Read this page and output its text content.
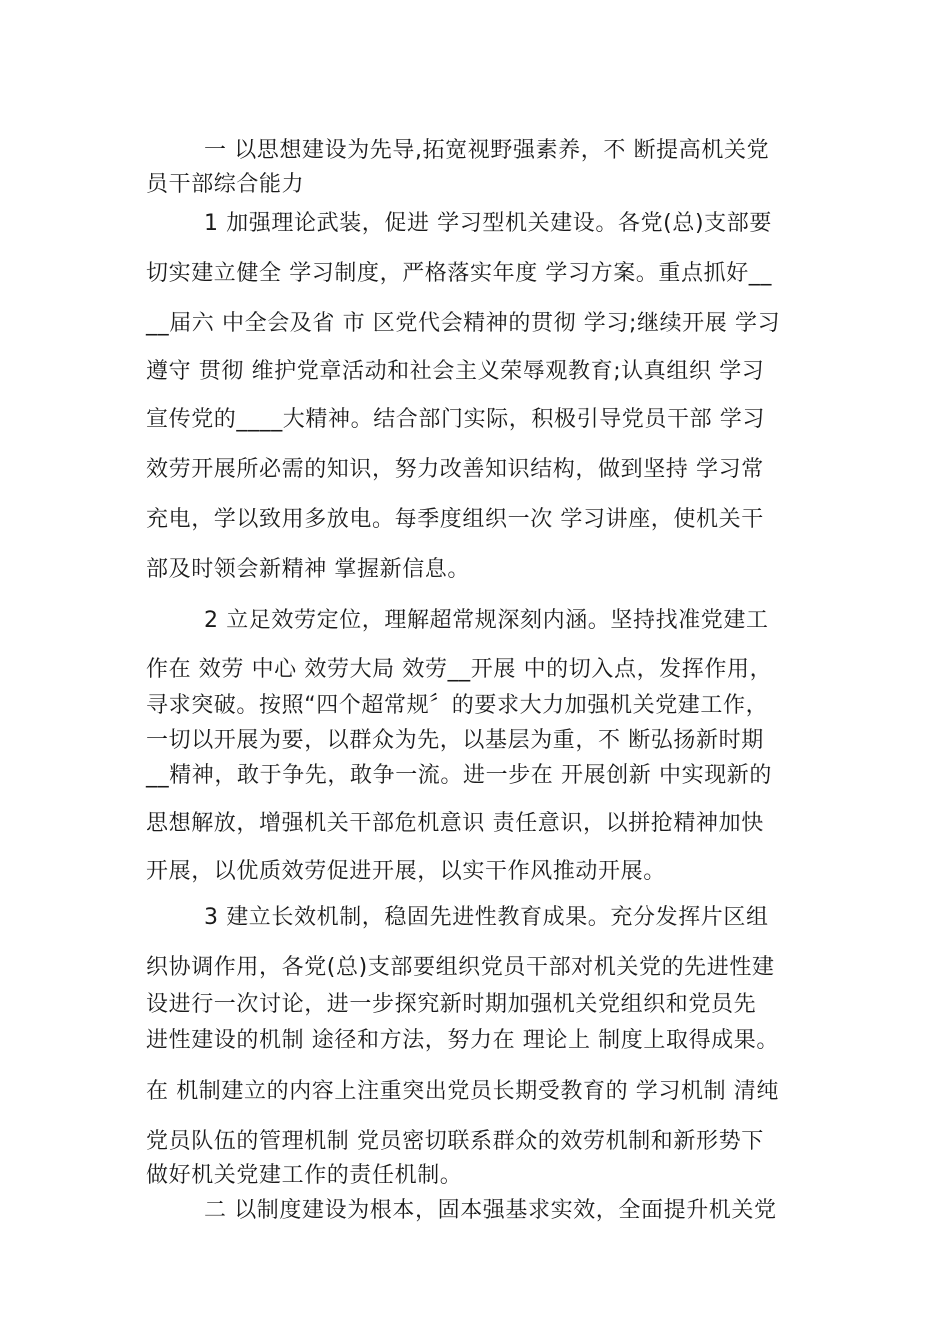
一 以思想建设为先导,拓宽视野强素养，不 断提高机关党
员干部综合能力
1 加强理论武装，促进 学习型机关建设。各党(总)支部要
切实建立健全 学习制度，严格落实年度 学习方案。重点抓好__
__届六 中全会及省 市 区党代会精神的贯彻 学习;继续开展 学习
遵守 贯彻 维护党章活动和社会主义荣辱观教育;认真组织 学习
宣传党的____大精神。结合部门实际，积极引导党员干部 学习
效劳开展所必需的知识，努力改善知识结构，做到坚持 学习常
充电，学以致用多放电。每季度组织一次 学习讲座，使机关干
部及时领会新精神 掌握新信息。
2 立足效劳定位，理解超常规深刻内涵。坚持找准党建工
作在 效劳 中心 效劳大局 效劳__开展 中的切入点，发挥作用，
寻求突破。按照“四个超常规〞的要求大力加强机关党建工作，
一切以开展为要，以群众为先，以基层为重，不 断弘扬新时期
__精神，敢于争先，敢争一流。进一步在 开展创新 中实现新的
思想解放，增强机关干部危机意识 责任意识，以拼抢精神加快
开展，以优质效劳促进开展，以实干作风推动开展。
3 建立长效机制，稳固先进性教育成果。充分发挥片区组
织协调作用，各党(总)支部要组织党员干部对机关党的先进性建
设进行一次讨论，进一步探究新时期加强机关党组织和党员先
进性建设的机制 途径和方法，努力在 理论上 制度上取得成果。
在 机制建立的内容上注重突出党员长期受教育的 学习机制 清纯
党员队伍的管理机制 党员密切联系群众的效劳机制和新形势下
做好机关党建工作的责任机制。
二 以制度建设为根本，固本强基求实效，全面提升机关党
